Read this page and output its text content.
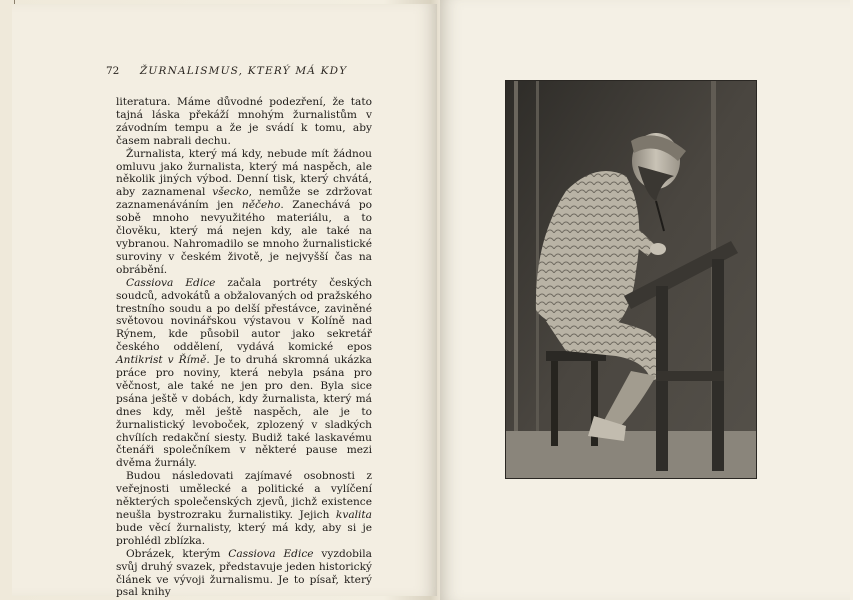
72 ŽURNALISMUS, KTERÝ MÁ KDY

literatura. Máme důvodné podezření, že tato tajná láska překáží mnohým žurnalistům v závodním tempu a že je svádí k tomu, aby časem nabrali dechu.

Žurnalista, který má kdy, nebude mít žádnou omluvu jako žurnalista, který má naspěch, ale několik jiných výbod. Denní tisk, který chvátá, aby zaznamenal všecko, nemůže se zdržovat zaznamenáváním jen něčeho. Zanechává po sobě mnoho nevyužitého materiálu, a to člověku, který má nejen kdy, ale také na vybranou. Nahromadilo se mnoho žurnalistické suroviny v českém životě, je nejvyšší čas na obrábění.

Cassiova Edice začala portréty českých soudců, advokátů a obžalovaných od pražského trestního soudu a po delší přestávce, zaviněné světovou novinářskou výstavou v Kolíně nad Rýnem, kde působil autor jako sekretář českého oddělení, vydává komické epos Antikrist v Římě. Je to druhá skromná ukázka práce pro noviny, která nebyla psána pro věčnost, ale také ne jen pro den. Byla sice psána ještě v dobách, kdy žurnalista, který má dnes kdy, měl ještě naspěch, ale je to žurnalistický levoboček, zplozený v sladkých chvílích redakční siesty. Budiž také laskavému čtenáři společníkem v některé pause mezi dvěma žurnály.

Budou následovati zajímavé osobnosti z veřejnosti umělecké a politické a vylíčení některých společenských zjevů, jichž existence neušla bystrozraku žurnalistiky. Jejich kvalita bude věcí žurnalisty, který má kdy, aby si je prohlédl zblízka.

Obrázek, kterým Cassiova Edice vyzdobila svůj druhý svazek, představuje jeden historický článek ve vývoji žurnalismu. Je to písař, který psal knihy
